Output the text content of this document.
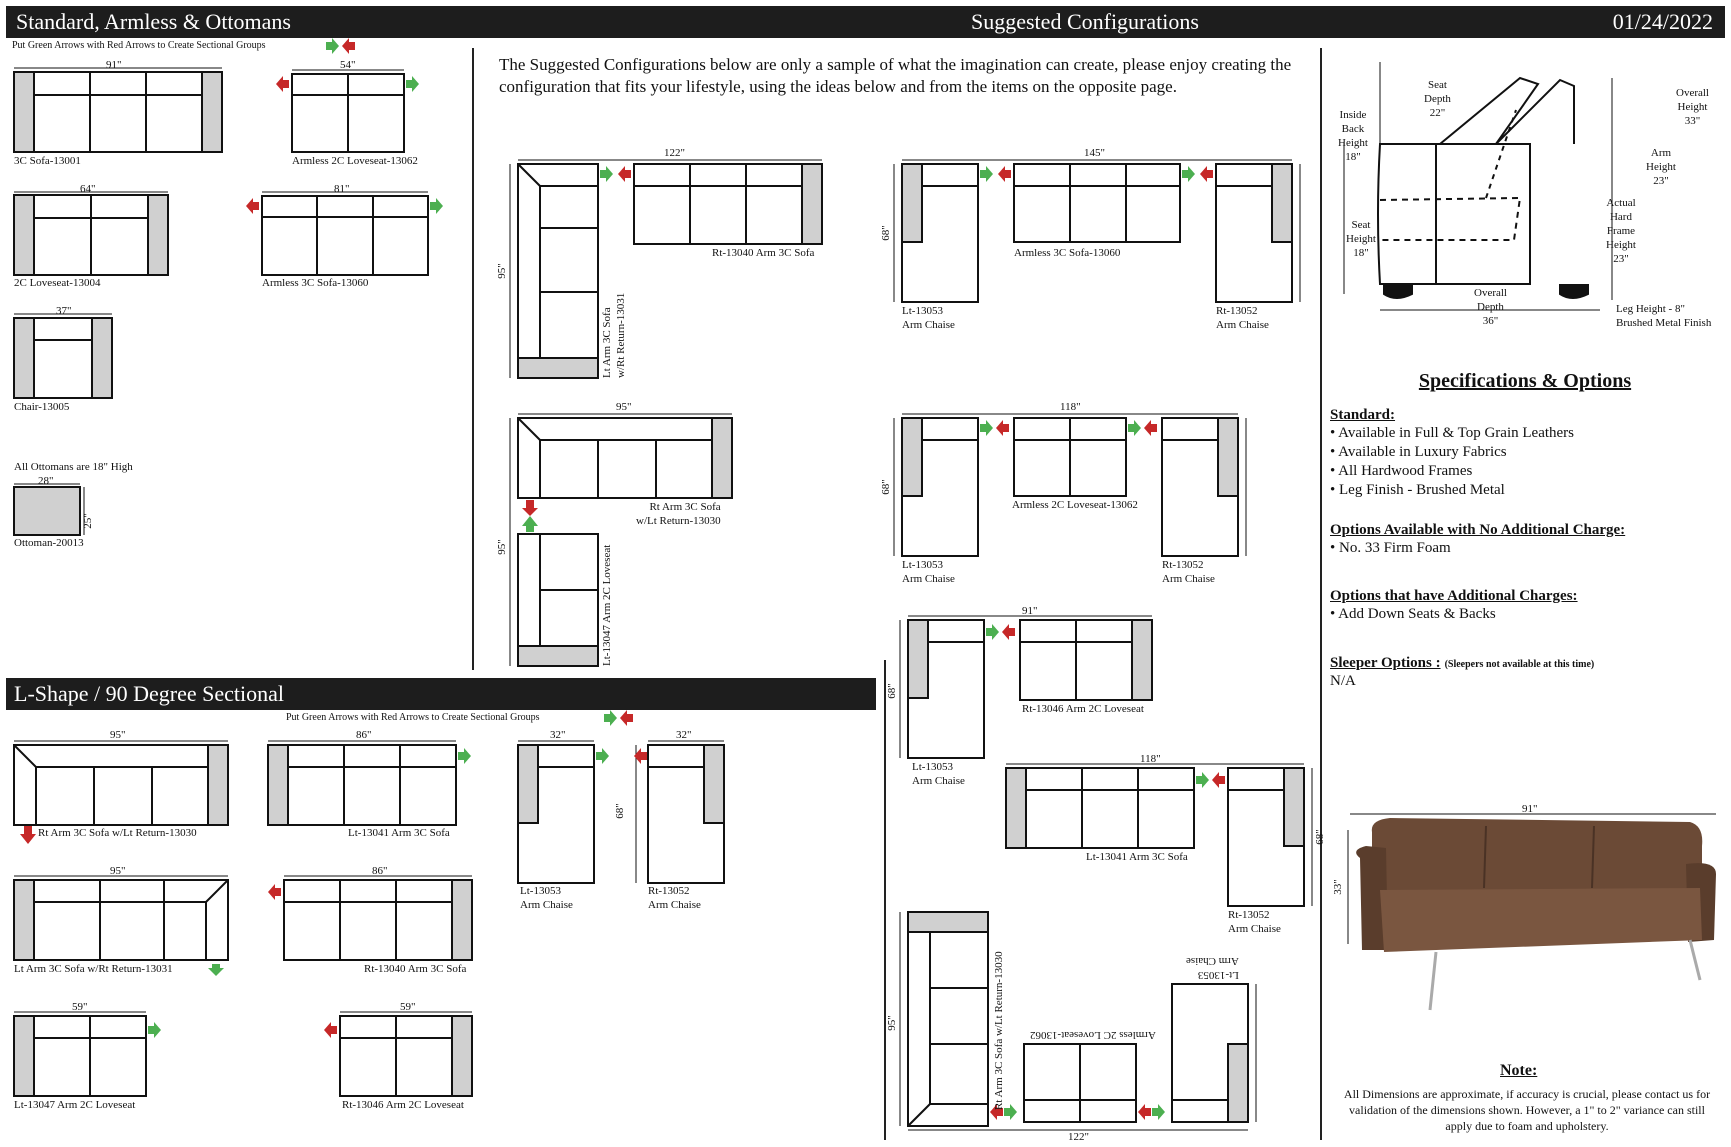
Standard, Armless & Ottomans	Suggested Configurations	01/24/2022
Put Green Arrows with Red Arrows to Create Sectional Groups
91"
3C Sofa-13001
54"
Armless 2C Loveseat-13062
64"
2C Loveseat-13004
81"
Armless 3C Sofa-13060
37"
Chair-13005
All Ottomans are 18" High
28"
25"
Ottoman-20013
L-Shape / 90 Degree Sectional
Put Green Arrows with Red Arrows to Create Sectional Groups
95"
Rt Arm 3C Sofa w/Lt Return-13030
86"
Lt-13041 Arm 3C Sofa
95"
Lt Arm 3C Sofa w/Rt Return-13031
86"
Rt-13040 Arm 3C Sofa
59"
Lt-13047 Arm 2C Loveseat
59"
Rt-13046 Arm 2C Loveseat
32"
Lt-13053
Arm Chaise
32"
Rt-13052
Arm Chaise
68"
The Suggested Configurations below are only a sample of what the imagination can create, please enjoy creating the configuration that fits your lifestyle, using the ideas below and from the items on the opposite page.
122"
95"
Rt-13040 Arm 3C Sofa
Lt Arm 3C Sofa
w/Rt Return-13031
145"
68"
Lt-13053
Arm Chaise
Armless 3C Sofa-13060
Rt-13052
Arm Chaise
95"
95"
Rt Arm 3C Sofa
w/Lt Return-13030
Lt-13047 Arm 2C Loveseat
118"
68"
Lt-13053
Arm Chaise
Armless 2C Loveseat-13062
Rt-13052
Arm Chaise
91"
68"
Lt-13053
Arm Chaise
Rt-13046 Arm 2C Loveseat
118"
68"
Lt-13041 Arm 3C Sofa
Rt-13052
Arm Chaise
122"
95"	Rt Arm 3C Sofa w/Lt Return-13030 Armless 2C Loveseat-13062
Lt-13053
Arm Chaise
Seat
Depth
22"
Inside
Back
Height
18"
Overall
Height
33"
Arm
Height
23"
Seat
Height
18"
Actual
Hard
Frame
Height
23"
Overall
Depth
36"
Leg Height - 8"
Brushed Metal Finish
Specifications & Options
Standard:
• Available in Full & Top Grain Leathers
• Available in Luxury Fabrics
• All Hardwood Frames
• Leg Finish - Brushed Metal
Options Available with No Additional Charge:
• No. 33 Firm Foam
Options that have Additional Charges:
• Add Down Seats & Backs
Sleeper Options : (Sleepers not available at this time)
N/A
91"
33"
Note:
All Dimensions are approximate, if accuracy is crucial, please contact us for validation of the dimensions shown. However, a 1" to 2" variance can still apply due to foam and upholstery.
